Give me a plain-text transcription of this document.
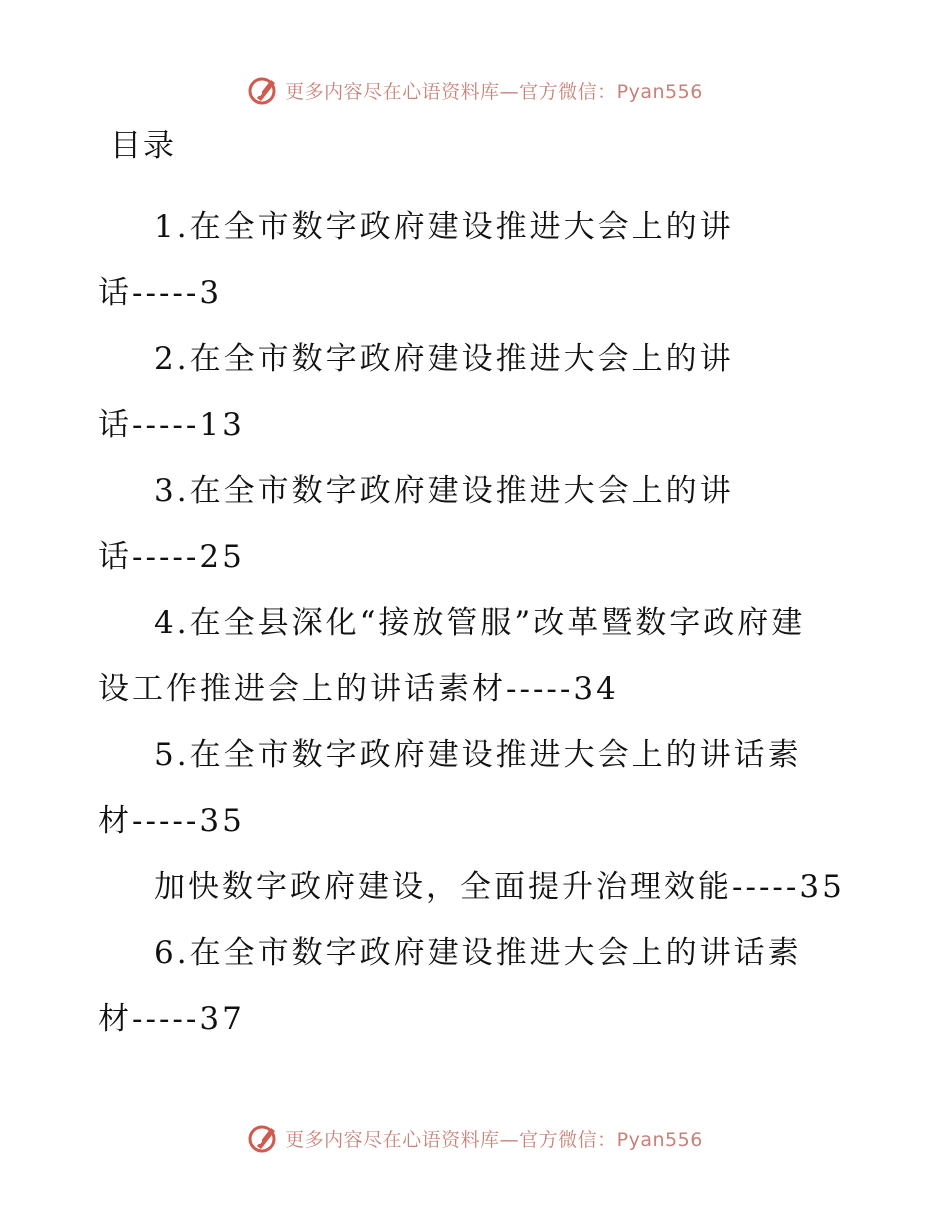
更多内容尽在心语资料库—官方微信：Pyan556
目录
1.在全市数字政府建设推进大会上的讲
话-----3
2.在全市数字政府建设推进大会上的讲
话-----13
3.在全市数字政府建设推进大会上的讲
话-----25
4.在全县深化“接放管服”改革暨数字政府建
设工作推进会上的讲话素材-----34
5.在全市数字政府建设推进大会上的讲话素
材-----35
加快数字政府建设，全面提升治理效能-----35
6.在全市数字政府建设推进大会上的讲话素
材-----37
更多内容尽在心语资料库—官方微信：Pyan556
